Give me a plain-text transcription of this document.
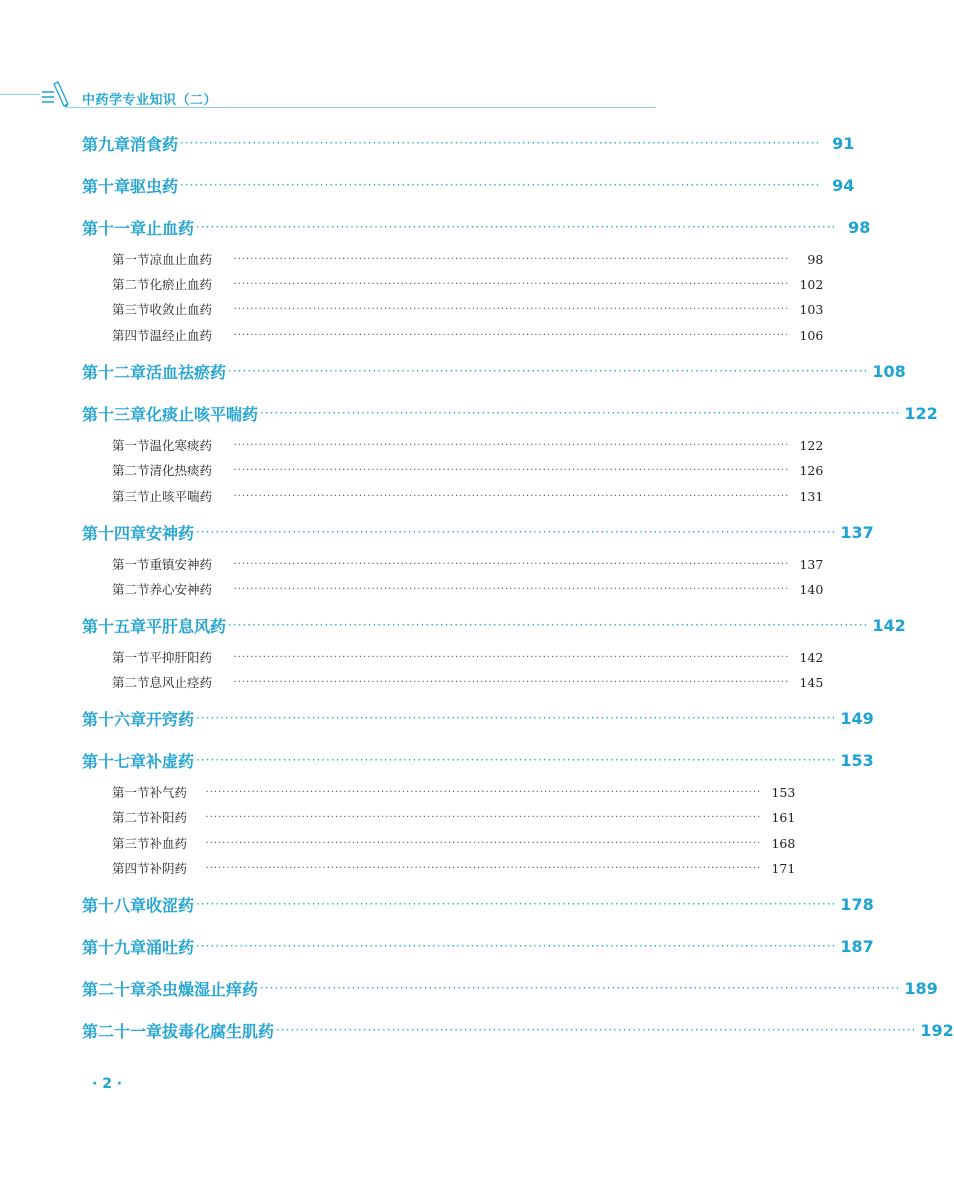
中药学专业知识（二）
第九章 消食药 ····································································································································· 91
第十章 驱虫药 ····································································································································· 94
第十一章 止血药 ····································································································································· 98
第一节 凉血止血药	·····································································································································	98
第二节 化瘀止血药	····································································································································· 102
第三节 收敛止血药	····································································································································· 103
第四节 温经止血药	····································································································································· 106
第十二章 活血祛瘀药 ····································································································································· 108
第十三章 化痰止咳平喘药 ····································································································································· 122
第一节 温化寒痰药	····································································································································· 122
第二节 清化热痰药	····································································································································· 126
第三节 止咳平喘药	····································································································································· 131
第十四章 安神药 ····································································································································· 137
第一节 重镇安神药	····································································································································· 137
第二节 养心安神药	····································································································································· 140
第十五章 平肝息风药 ····································································································································· 142
第一节 平抑肝阳药	····································································································································· 142
第二节 息风止痉药	····································································································································· 145
第十六章 开窍药 ····································································································································· 149
第十七章 补虚药 ····································································································································· 153
第一节 补气药	····································································································································· 153
第二节 补阳药	····································································································································· 161
第三节 补血药	····································································································································· 168
第四节 补阴药	····································································································································· 171
第十八章 收涩药 ····································································································································· 178
第十九章 涌吐药 ····································································································································· 187
第二十章 杀虫燥湿止痒药 ····································································································································· 189
第二十一章 拔毒化腐生肌药 ····································································································································· 192
· 2 ·
